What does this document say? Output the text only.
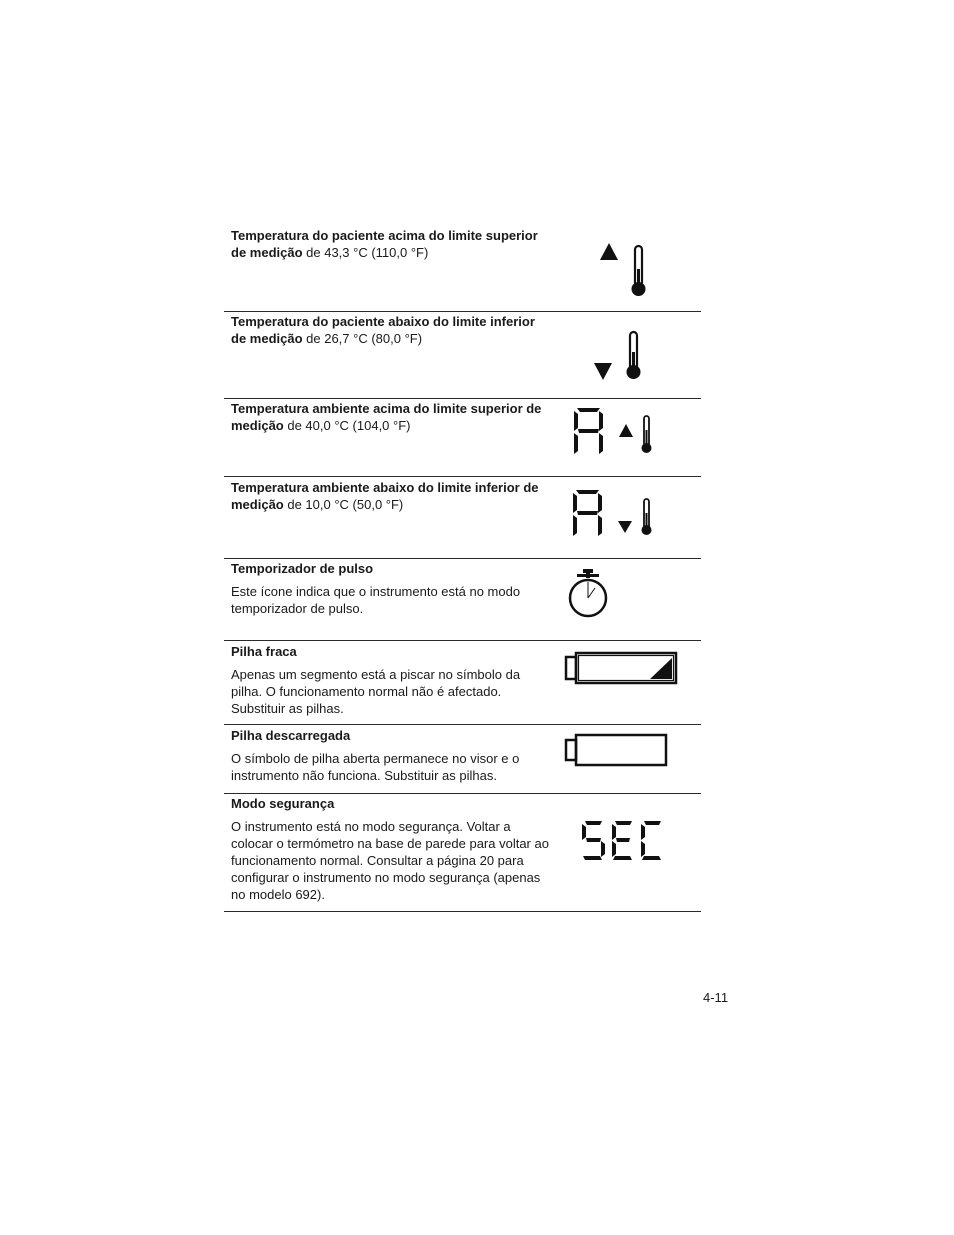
Temperatura do paciente acima do limite superior de medição de 43,3 °C (110,0 °F)
Temperatura do paciente abaixo do limite inferior de medição de 26,7 °C (80,0 °F)
Temperatura ambiente acima do limite superior de medição de 40,0 °C (104,0 °F)
Temperatura ambiente abaixo do limite inferior de medição de 10,0 °C (50,0 °F)
Temporizador de pulso
Este ícone indica que o instrumento está no modo temporizador de pulso.
Pilha fraca
Apenas um segmento está a piscar no símbolo da pilha. O funcionamento normal não é afectado. Substituir as pilhas.
Pilha descarregada
O símbolo de pilha aberta permanece no visor e o instrumento não funciona. Substituir as pilhas.
Modo segurança
O instrumento está no modo segurança. Voltar a colocar o termómetro na base de parede para voltar ao funcionamento normal. Consultar a página 20 para configurar o instrumento no modo segurança (apenas no modelo 692).
4-11
